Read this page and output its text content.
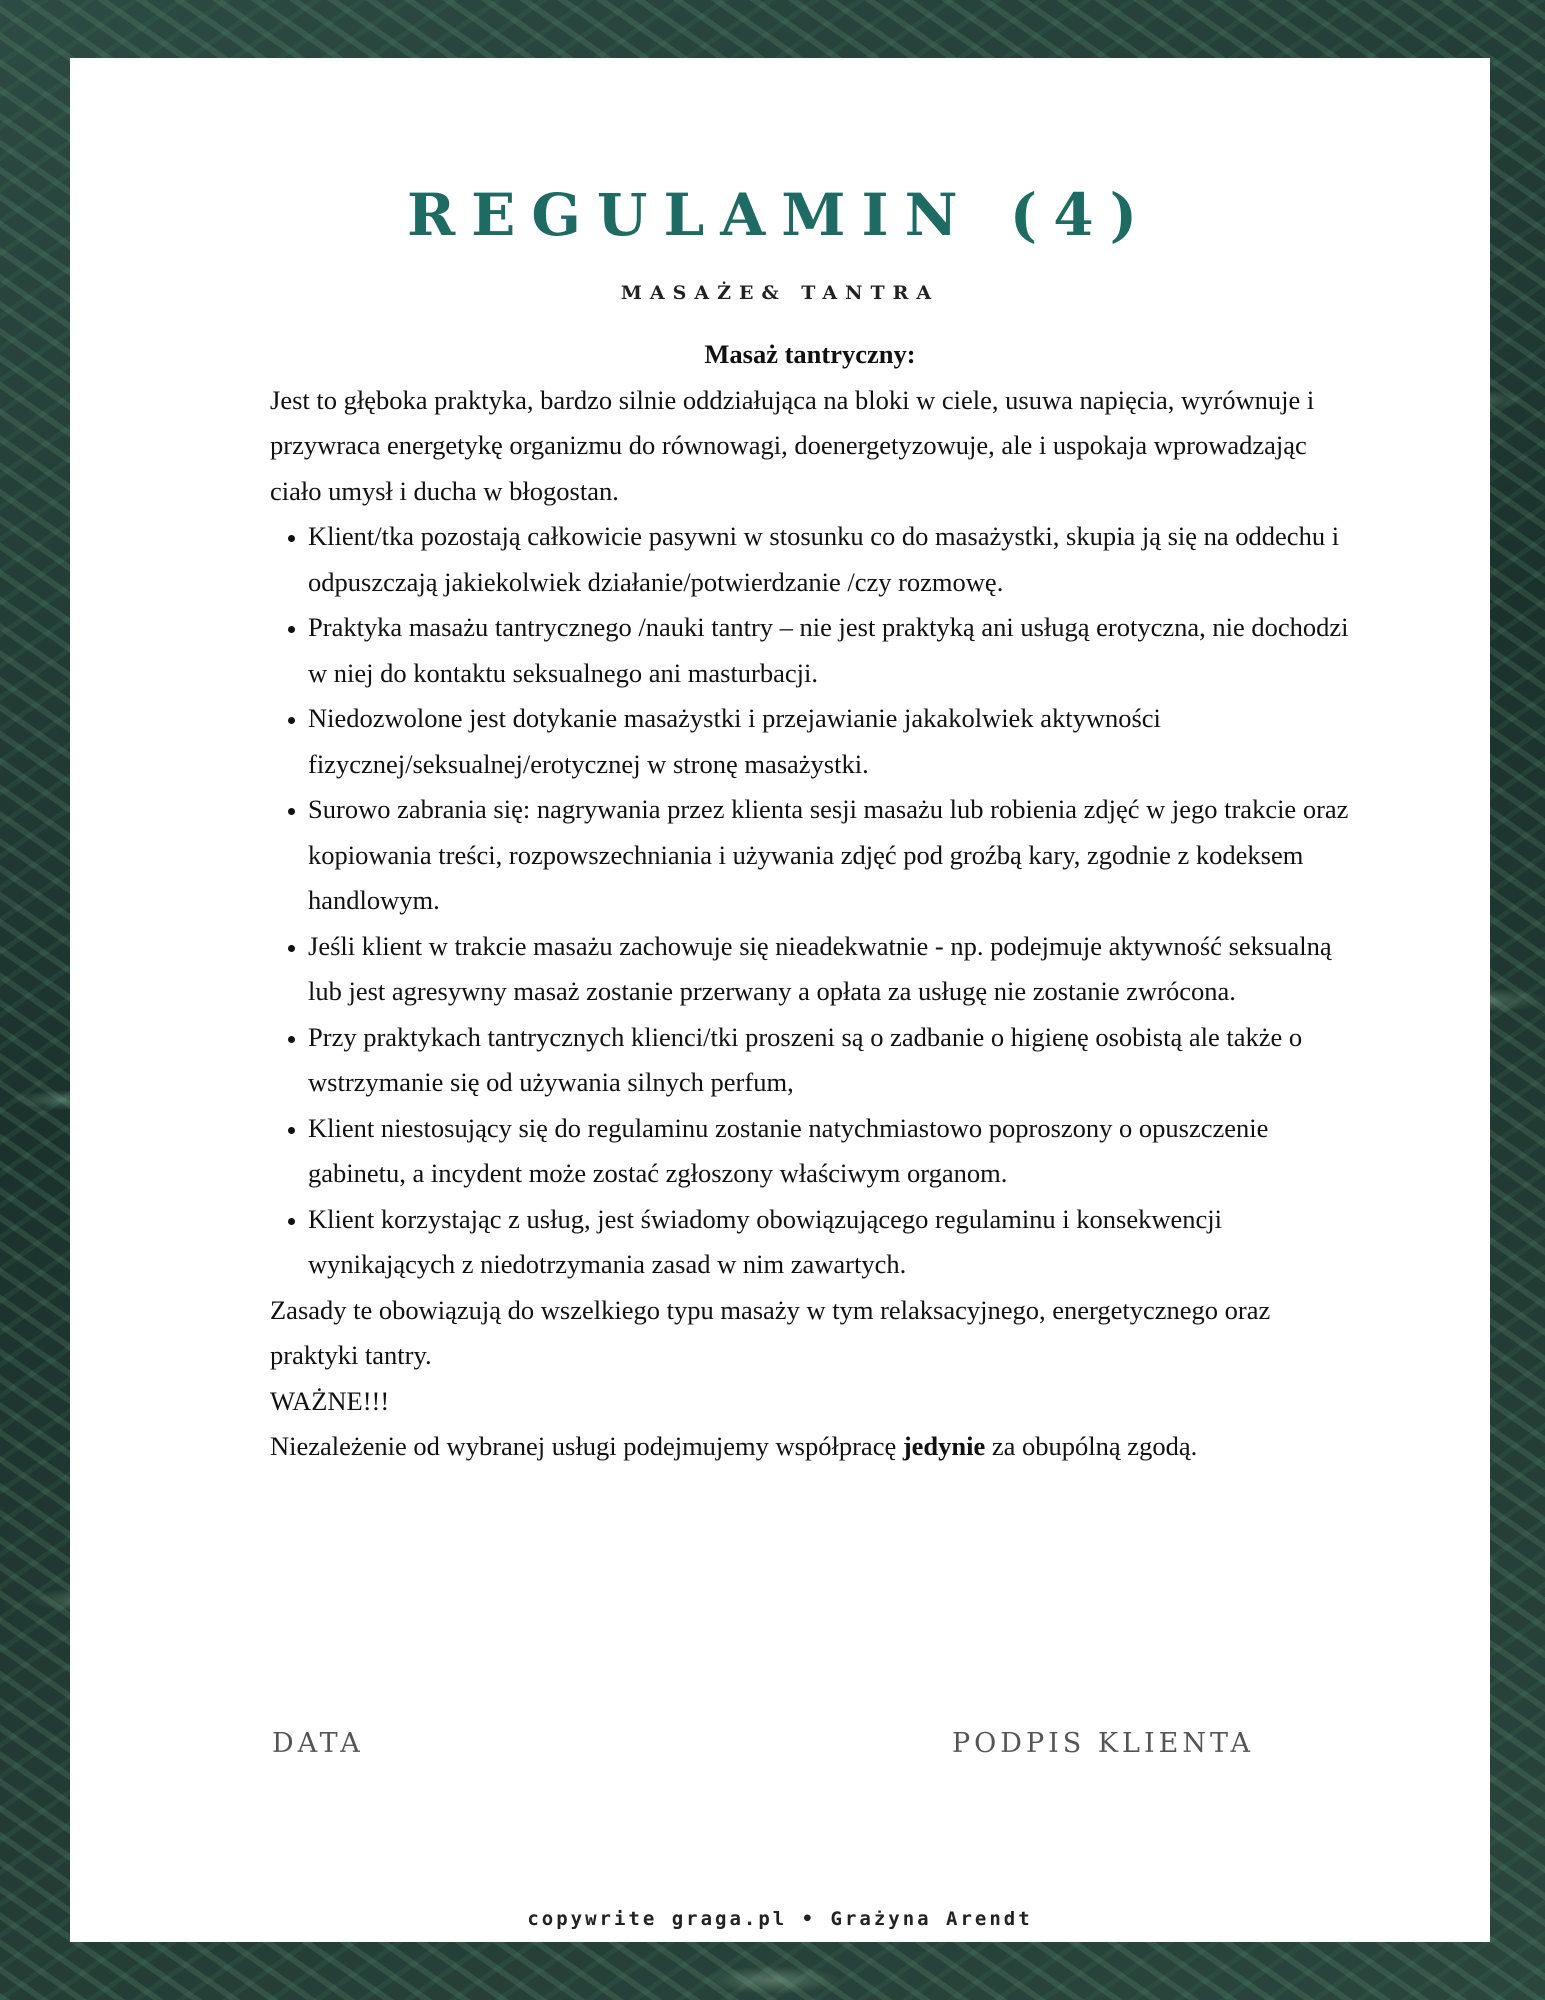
REGULAMIN (4)
MASAŻE& TANTRA

Masaż tantryczny:

Jest to głęboka praktyka, bardzo silnie oddziałująca na bloki w ciele, usuwa napięcia, wyrównuje i przywraca energetykę organizmu do równowagi, doenergetyzowuje, ale i uspokaja wprowadzając ciało umysł i ducha w błogostan.

• Klient/tka pozostają całkowicie pasywni w stosunku co do masażystki, skupia ją się na oddechu i odpuszczają jakiekolwiek działanie/potwierdzanie /czy rozmowę.
• Praktyka masażu tantrycznego /nauki tantry – nie jest praktyką ani usługą erotyczna, nie dochodzi w niej do kontaktu seksualnego ani masturbacji.
• Niedozwolone jest dotykanie masażystki i przejawianie jakakolwiek aktywności fizycznej/seksualnej/erotycznej w stronę masażystki.
• Surowo zabrania się: nagrywania przez klienta sesji masażu lub robienia zdjęć w jego trakcie oraz kopiowania treści, rozpowszechniania i używania zdjęć pod groźbą kary, zgodnie z kodeksem handlowym.
• Jeśli klient w trakcie masażu zachowuje się nieadekwatnie - np. podejmuje aktywność seksualną lub jest agresywny masaż zostanie przerwany a opłata za usługę nie zostanie zwrócona.
• Przy praktykach tantrycznych klienci/tki proszeni są o zadbanie o higienę osobistą ale także o wstrzymanie się od używania silnych perfum,
• Klient niestosujący się do regulaminu zostanie natychmiastowo poproszony o opuszczenie gabinetu, a incydent może zostać zgłoszony właściwym organom.
• Klient korzystając z usług, jest świadomy obowiązującego regulaminu i konsekwencji wynikających z niedotrzymania zasad w nim zawartych.

Zasady te obowiązują do wszelkiego typu masaży w tym relaksacyjnego, energetycznego oraz praktyki tantry.

WAŻNE!!!

Niezależenie od wybranej usługi podejmujemy współpracę jedynie za obupólną zgodą.

DATA	PODPIS KLIENTA
copywrite graga.pl • Grażyna Arendt
